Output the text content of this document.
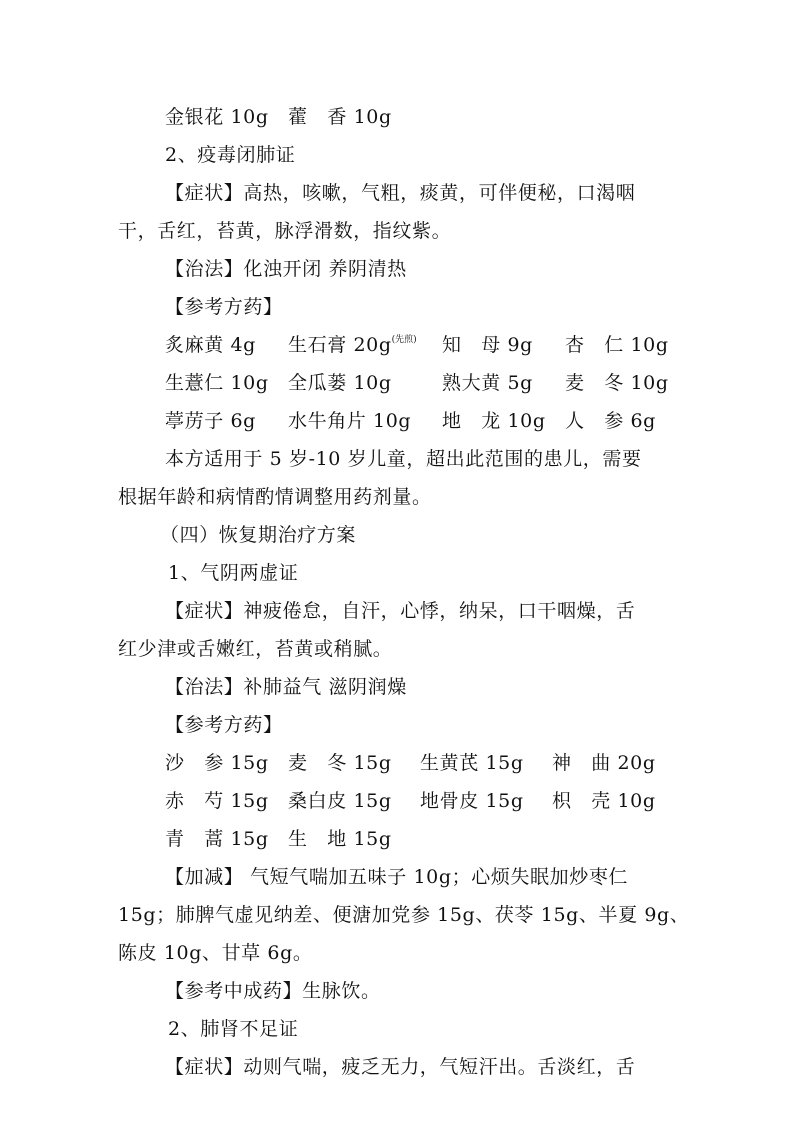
金银花 10g　藿　香 10g
2、疫毒闭肺证
【症状】高热，咳嗽，气粗，痰黄，可伴便秘，口渴咽
干，舌红，苔黄，脉浮滑数，指纹紫。
【治法】化浊开闭 养阴清热
【参考方药】
炙麻黄 4g 生石膏 $20g^{(先煎)}$ 知　母 9g 杏　仁 10g
生薏仁 10g 全瓜蒌 10g	熟大黄 5g 麦　冬 10g
葶苈子 6g 水牛角片 10g 地　龙 10g 人　参 6g
本方适用于 5 岁-10 岁儿童，超出此范围的患儿，需要
根据年龄和病情酌情调整用药剂量。
（四）恢复期治疗方案
1、气阴两虚证
【症状】神疲倦怠，自汗，心悸，纳呆，口干咽燥，舌
红少津或舌嫩红，苔黄或稍腻。
【治法】补肺益气 滋阴润燥
【参考方药】
沙　参 15g 麦　冬 15g 生黄芪 15g 神　曲 20g
赤　芍 15g 桑白皮 15g 地骨皮 15g 枳　壳 10g
青　蒿 15g 生　地 15g
【加减】 气短气喘加五味子 10g；心烦失眠加炒枣仁
15g；肺脾气虚见纳差、便溏加党参 15g、茯苓 15g、半夏 9g、
陈皮 10g、甘草 6g。
【参考中成药】生脉饮。
2、肺肾不足证
【症状】动则气喘，疲乏无力，气短汗出。舌淡红，舌
